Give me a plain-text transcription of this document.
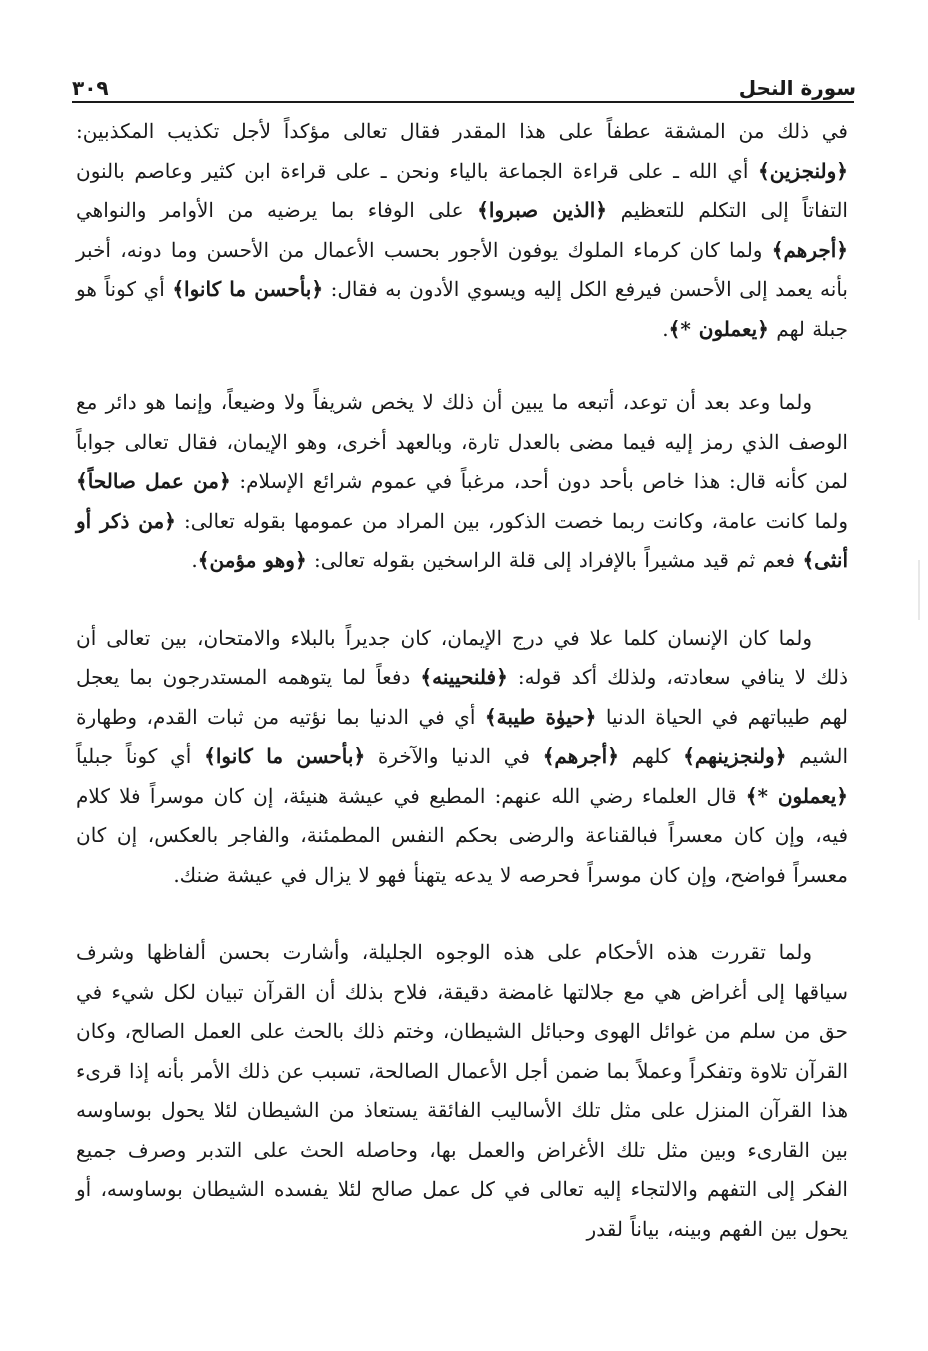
سورة النحل
٣٠٩

في ذلك من المشقة عطفاً على هذا المقدر فقال تعالى مؤكداً لأجل تكذيب المكذبين: ﴿ولنجزين﴾ أي الله ـ على قراءة الجماعة بالياء ونحن ـ على قراءة ابن كثير وعاصم بالنون التفاتاً إلى التكلم للتعظيم ﴿الذين صبروا﴾ على الوفاء بما يرضيه من الأوامر والنواهي ﴿أجرهم﴾ ولما كان كرماء الملوك يوفون الأجور بحسب الأعمال من الأحسن وما دونه، أخبر بأنه يعمد إلى الأحسن فيرفع الكل إليه ويسوي الأدون به فقال: ﴿بأحسن ما كانوا﴾ أي كوناً هو جبلة لهم ﴿يعملون *﴾.

ولما وعد بعد أن توعد، أتبعه ما يبين أن ذلك لا يخص شريفاً ولا وضيعاً، وإنما هو دائر مع الوصف الذي رمز إليه فيما مضى بالعدل تارة، وبالعهد أخرى، وهو الإيمان، فقال تعالى جواباً لمن كأنه قال: هذا خاص بأحد دون أحد، مرغباً في عموم شرائع الإسلام: ﴿من عمل صالحاً﴾ ولما كانت عامة، وكانت ربما خصت الذكور، بين المراد من عمومها بقوله تعالى: ﴿من ذكر أو أنثى﴾ فعم ثم قيد مشيراً بالإفراد إلى قلة الراسخين بقوله تعالى: ﴿وهو مؤمن﴾.

ولما كان الإنسان كلما علا في درج الإيمان، كان جديراً بالبلاء والامتحان، بين تعالى أن ذلك لا ينافي سعادته، ولذلك أكد قوله: ﴿فلنحيينه﴾ دفعاً لما يتوهمه المستدرجون بما يعجل لهم طيباتهم في الحياة الدنيا ﴿حيوٰة طيبة﴾ أي في الدنيا بما نؤتيه من ثبات القدم، وطهارة الشيم ﴿ولنجزينهم﴾ كلهم ﴿أجرهم﴾ في الدنيا والآخرة ﴿بأحسن ما كانوا﴾ أي كوناً جبلياً ﴿يعملون *﴾ قال العلماء رضي الله عنهم: المطيع في عيشة هنيئة، إن كان موسراً فلا كلام فيه، وإن كان معسراً فبالقناعة والرضى بحكم النفس المطمئنة، والفاجر بالعكس، إن كان معسراً فواضح، وإن كان موسراً فحرصه لا يدعه يتهنأ فهو لا يزال في عيشة ضنك.

ولما تقررت هذه الأحكام على هذه الوجوه الجليلة، وأشارت بحسن ألفاظها وشرف سياقها إلى أغراض هي مع جلالتها غامضة دقيقة، فلاح بذلك أن القرآن تبيان لكل شيء في حق من سلم من غوائل الهوى وحبائل الشيطان، وختم ذلك بالحث على العمل الصالح، وكان القرآن تلاوة وتفكراً وعملاً بما ضمن أجل الأعمال الصالحة، تسبب عن ذلك الأمر بأنه إذا قرىء هذا القرآن المنزل على مثل تلك الأساليب الفائقة يستعاذ من الشيطان لئلا يحول بوساوسه بين القارىء وبين مثل تلك الأغراض والعمل بها، وحاصله الحث على التدبر وصرف جميع الفكر إلى التفهم والالتجاء إليه تعالى في كل عمل صالح لئلا يفسده الشيطان بوساوسه، أو يحول بين الفهم وبينه، بياناً لقدر
